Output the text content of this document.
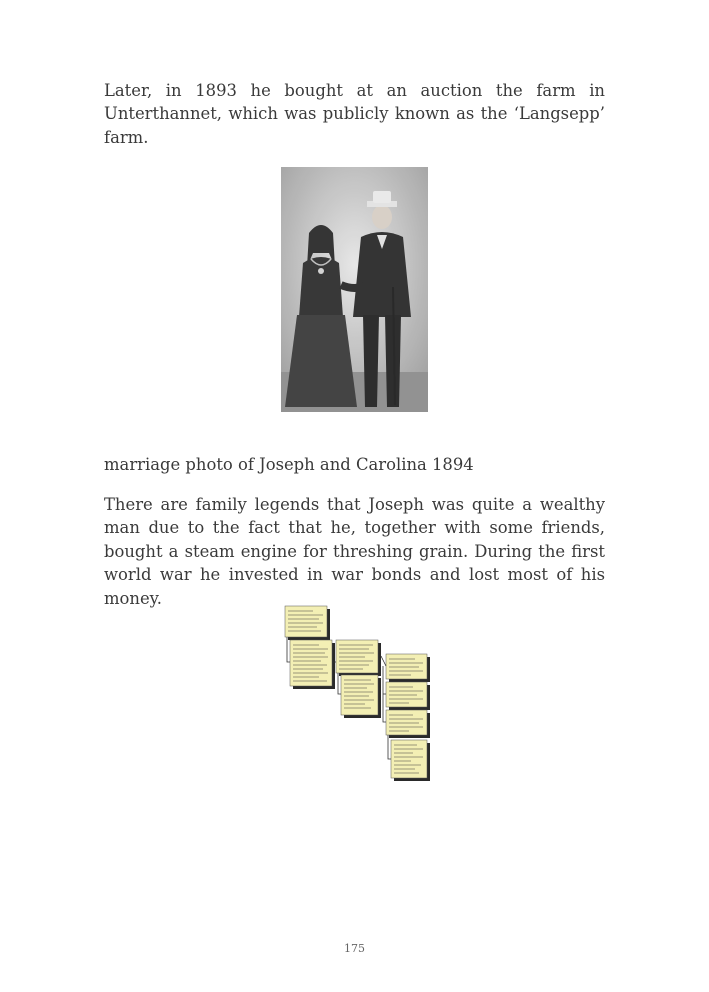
Later, in 1893 he bought at an auction the farm in Unterthannet, which was publicly known as the ‘Langsepp’ farm.

marriage photo of Joseph and Carolina 1894

There are family legends that Joseph was quite a wealthy man due to the fact that he, together with some friends, bought a steam engine for threshing grain. During the first world war he invested in war bonds and lost most of his money.

175
